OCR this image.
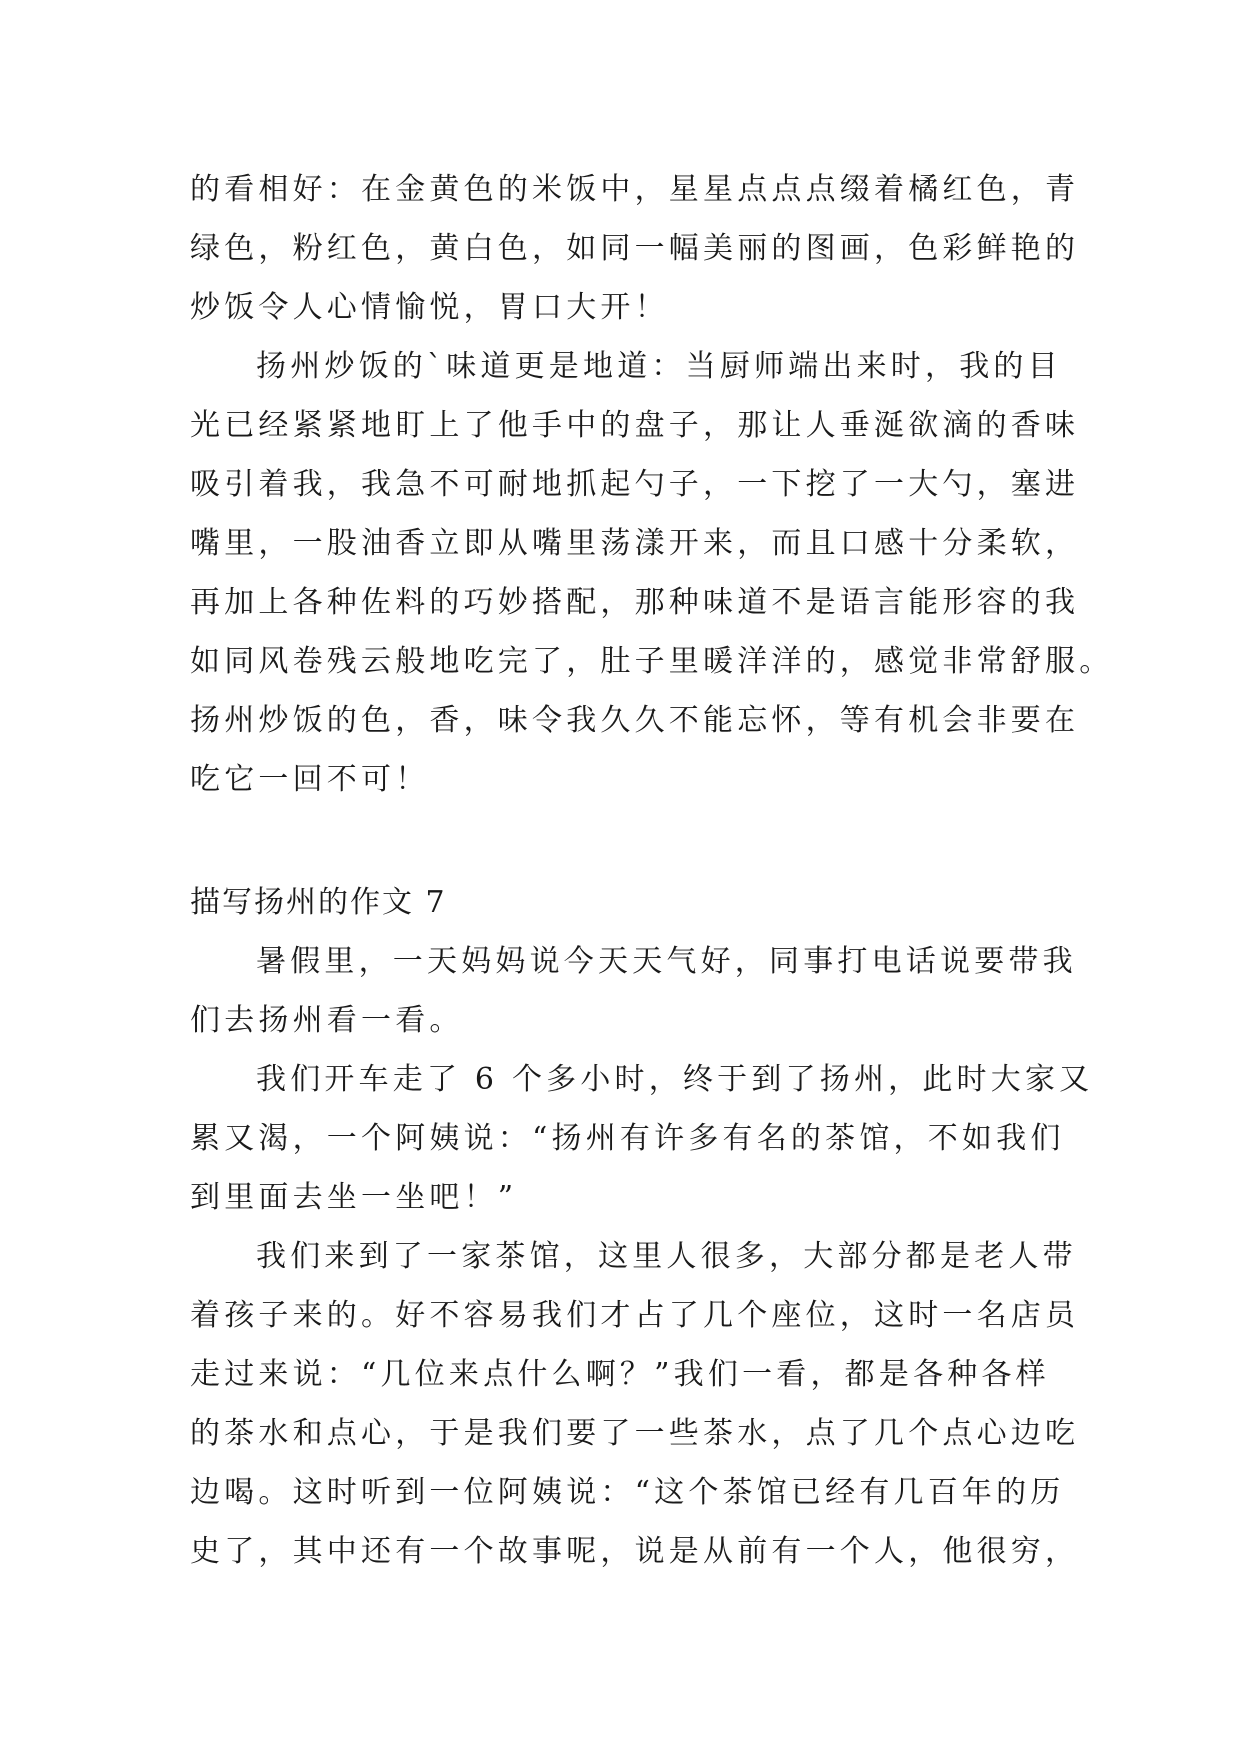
的看相好：在金黄色的米饭中，星星点点点缀着橘红色，青
绿色，粉红色，黄白色，如同一幅美丽的图画，色彩鲜艳的
炒饭令人心情愉悦，胃口大开！
扬州炒饭的`味道更是地道：当厨师端出来时，我的目
光已经紧紧地盯上了他手中的盘子，那让人垂涎欲滴的香味
吸引着我，我急不可耐地抓起勺子，一下挖了一大勺，塞进
嘴里，一股油香立即从嘴里荡漾开来，而且口感十分柔软，
再加上各种佐料的巧妙搭配，那种味道不是语言能形容的我
如同风卷残云般地吃完了，肚子里暖洋洋的，感觉非常舒服。
扬州炒饭的色，香，味令我久久不能忘怀，等有机会非要在
吃它一回不可！
描写扬州的作文 7
暑假里，一天妈妈说今天天气好，同事打电话说要带我
们去扬州看一看。
我们开车走了 6 个多小时，终于到了扬州，此时大家又
累又渴，一个阿姨说：“扬州有许多有名的茶馆，不如我们
到里面去坐一坐吧！”
我们来到了一家茶馆，这里人很多，大部分都是老人带
着孩子来的。好不容易我们才占了几个座位，这时一名店员
走过来说：“几位来点什么啊？”我们一看，都是各种各样
的茶水和点心，于是我们要了一些茶水，点了几个点心边吃
边喝。这时听到一位阿姨说：“这个茶馆已经有几百年的历
史了，其中还有一个故事呢，说是从前有一个人，他很穷，
